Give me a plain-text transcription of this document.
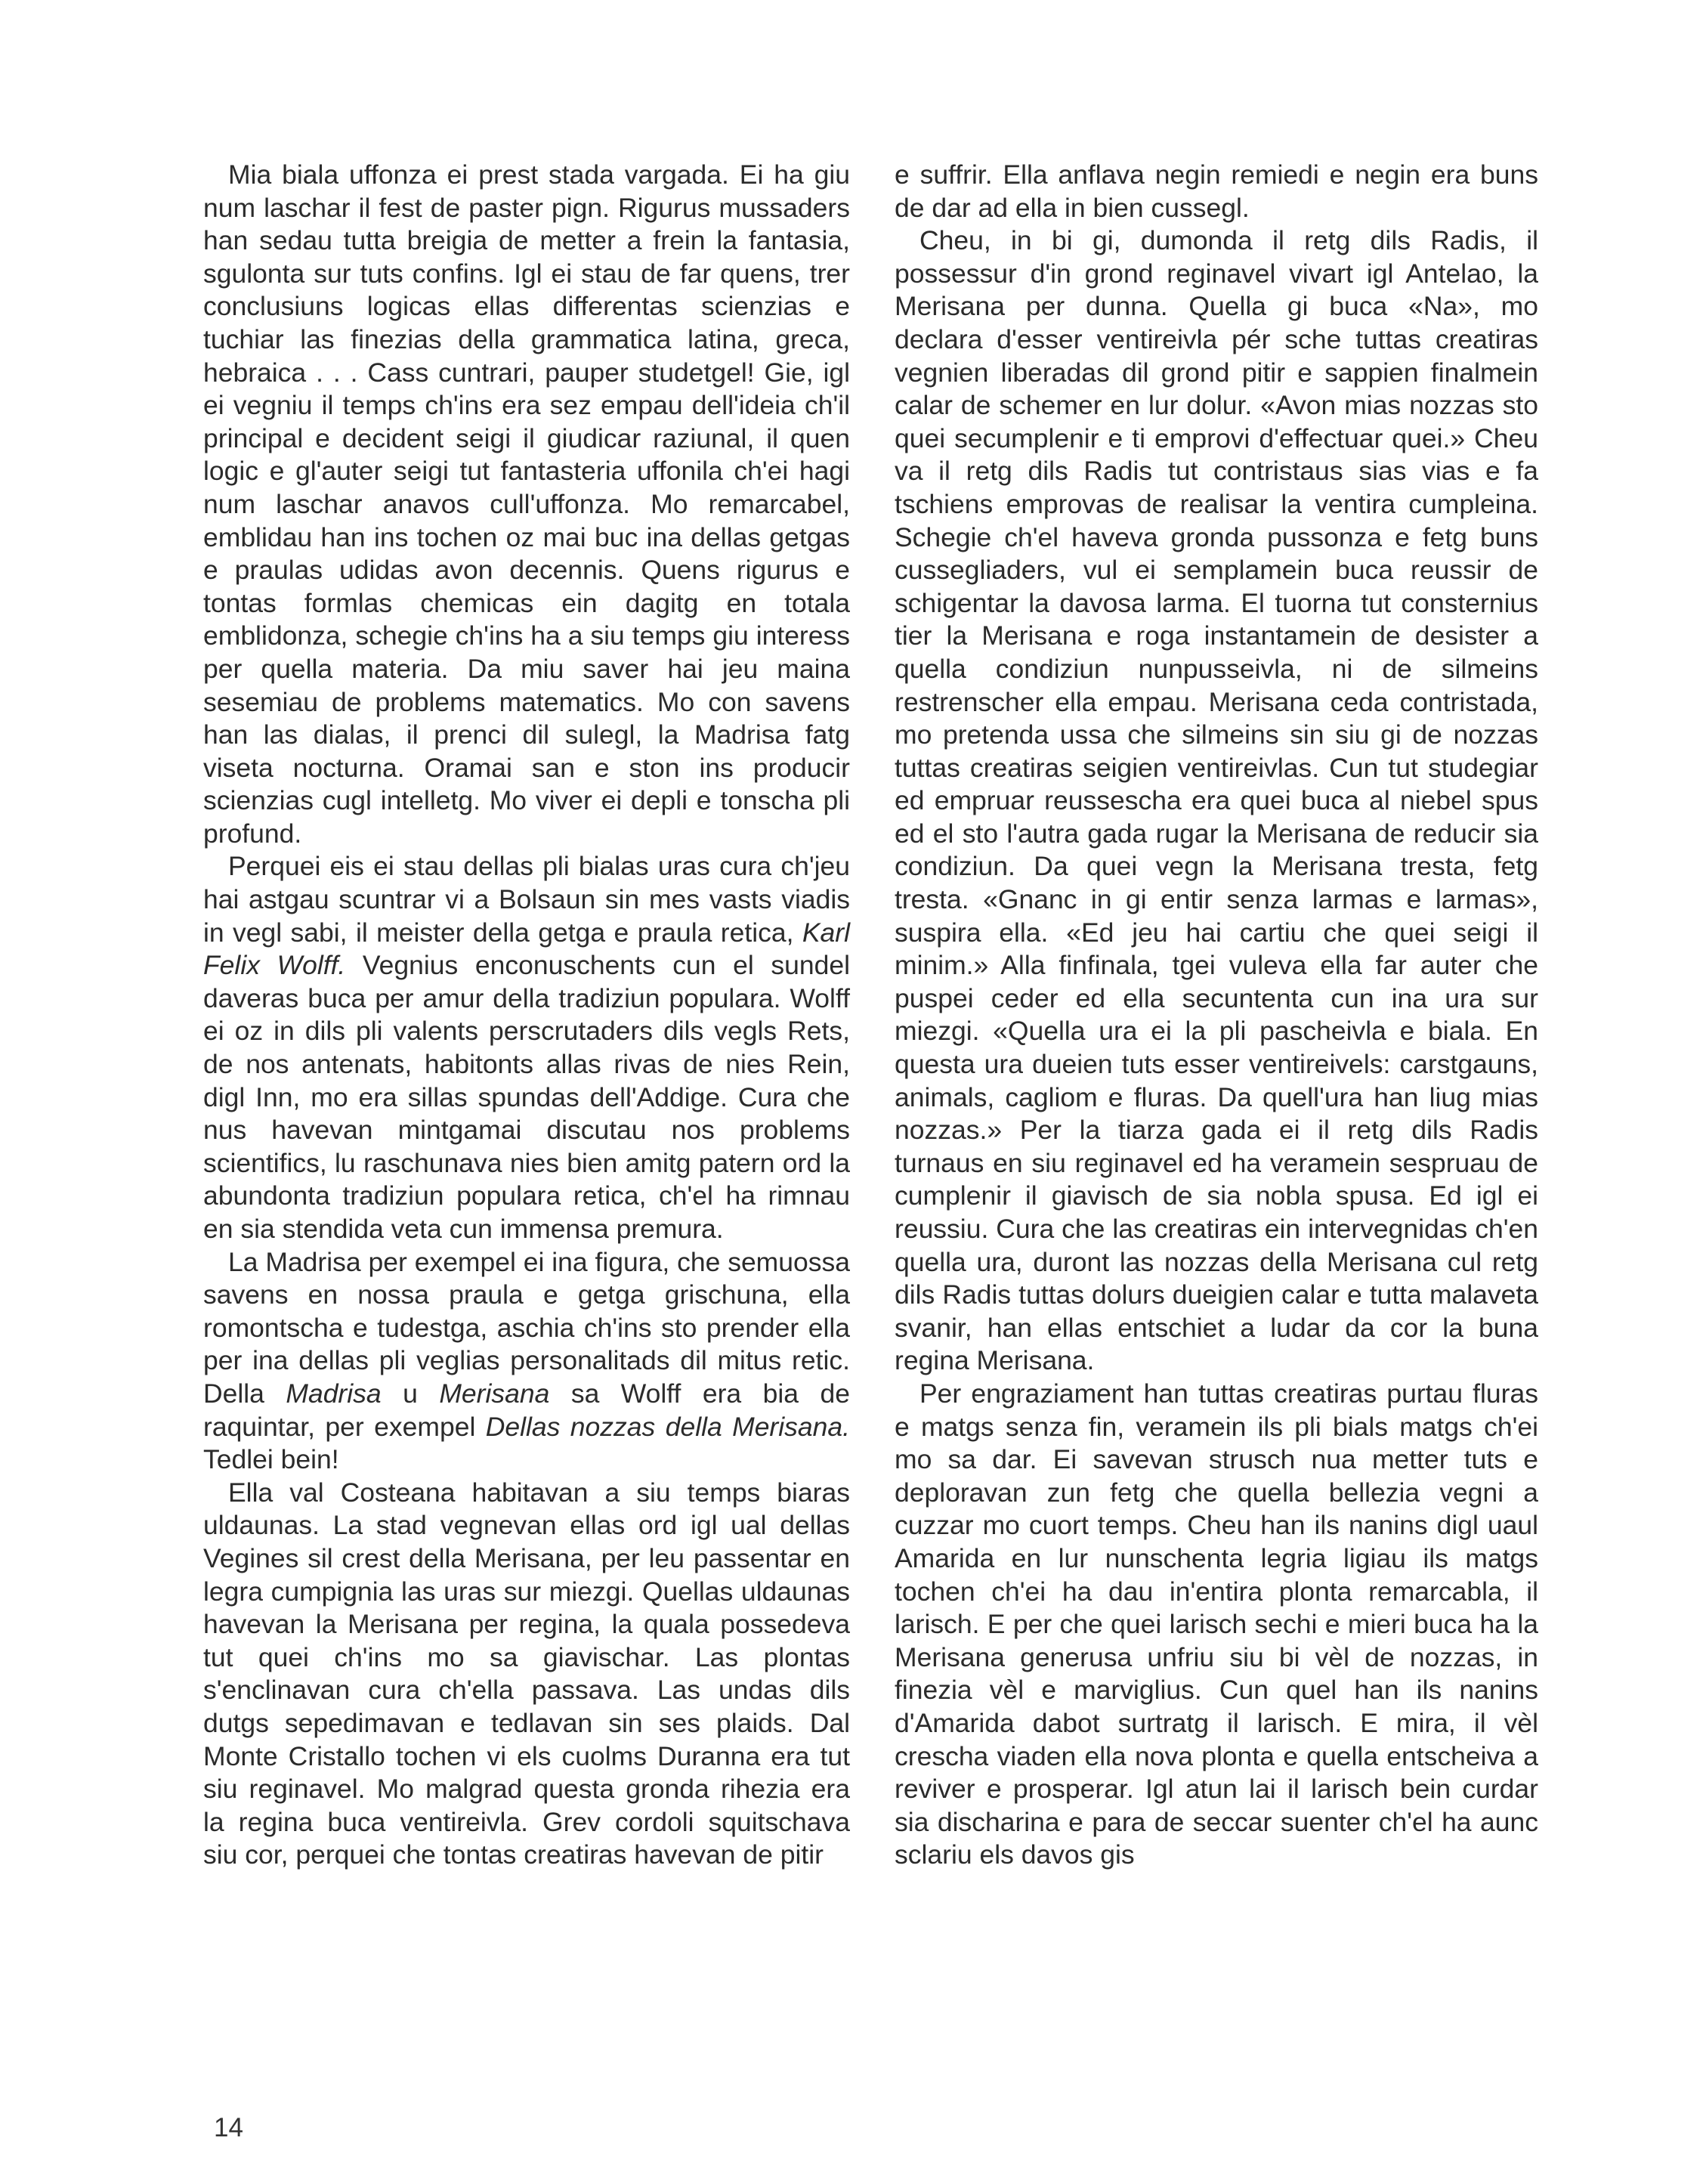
Mia biala uffonza ei prest stada vargada. Ei ha giu num laschar il fest de paster pign. Rigurus mussaders han sedau tutta breigia de metter a frein la fantasia, sgulonta sur tuts confins. Igl ei stau de far quens, trer conclusiuns logicas ellas differentas scienzias e tuchiar las finezias della grammatica latina, greca, hebraica . . . Cass cuntrari, pauper studetgel! Gie, igl ei vegniu il temps ch'ins era sez empau dell'ideia ch'il principal e decident seigi il giudicar raziunal, il quen logic e gl'auter seigi tut fantasteria uffonila ch'ei hagi num laschar anavos cull'uffonza. Mo remarcabel, emblidau han ins tochen oz mai buc ina dellas getgas e praulas udidas avon decennis. Quens rigurus e tontas formlas chemicas ein dagitg en totala emblidonza, schegie ch'ins ha a siu temps giu interess per quella materia. Da miu saver hai jeu maina sesemiau de problems matematics. Mo con savens han las dialas, il prenci dil sulegl, la Madrisa fatg viseta nocturna. Oramai san e ston ins producir scienzias cugl intelletg. Mo viver ei depli e tonscha pli profund.

Perquei eis ei stau dellas pli bialas uras cura ch'jeu hai astgau scuntrar vi a Bolsaun sin mes vasts viadis in vegl sabi, il meister della getga e praula retica, Karl Felix Wolff. Vegnius enconuschents cun el sundel daveras buca per amur della tradiziun populara. Wolff ei oz in dils pli valents perscrutaders dils vegls Rets, de nos antenats, habitonts allas rivas de nies Rein, digl Inn, mo era sillas spundas dell'Addige. Cura che nus havevan mintgamai discutau nos problems scientifics, lu raschunava nies bien amitg patern ord la abundonta tradiziun populara retica, ch'el ha rimnau en sia stendida veta cun immensa premura.

La Madrisa per exempel ei ina figura, che semuossa savens en nossa praula e getga grischuna, ella romontscha e tudestga, aschia ch'ins sto prender ella per ina dellas pli veglias personalitads dil mitus retic. Della Madrisa u Merisana sa Wolff era bia de raquintar, per exempel Dellas nozzas della Merisana. Tedlei bein!

Ella val Costeana habitavan a siu temps biaras uldaunas. La stad vegnevan ellas ord igl ual dellas Vegines sil crest della Merisana, per leu passentar en legra cumpignia las uras sur miezgi. Quellas uldaunas havevan la Merisana per regina, la quala possedeva tut quei ch'ins mo sa giavischar. Las plontas s'enclinavan cura ch'ella passava. Las undas dils dutgs sepedimavan e tedlavan sin ses plaids. Dal Monte Cristallo tochen vi els cuolms Duranna era tut siu reginavel. Mo malgrad questa gronda rihezia era la regina buca ventireivla. Grev cordoli squitschava siu cor, perquei che tontas creatiras havevan de pitir

e suffrir. Ella anflava negin remiedi e negin era buns de dar ad ella in bien cussegl.

Cheu, in bi gi, dumonda il retg dils Radis, il possessur d'in grond reginavel vivart igl Antelao, la Merisana per dunna. Quella gi buca «Na», mo declara d'esser ventireivla pér sche tuttas creatiras vegnien liberadas dil grond pitir e sappien finalmein calar de schemer en lur dolur. «Avon mias nozzas sto quei secumplenir e ti emprovi d'effectuar quei.» Cheu va il retg dils Radis tut contristaus sias vias e fa tschiens emprovas de realisar la ventira cumpleina. Schegie ch'el haveva gronda pussonza e fetg buns cussegliaders, vul ei semplamein buca reussir de schigentar la davosa larma. El tuorna tut consternius tier la Merisana e roga instantamein de desister a quella condiziun nunpusseivla, ni de silmeins restrenscher ella empau. Merisana ceda contristada, mo pretenda ussa che silmeins sin siu gi de nozzas tuttas creatiras seigien ventireivlas. Cun tut studegiar ed empruar reussescha era quei buca al niebel spus ed el sto l'autra gada rugar la Merisana de reducir sia condiziun. Da quei vegn la Merisana tresta, fetg tresta. «Gnanc in gi entir senza larmas e larmas», suspira ella. «Ed jeu hai cartiu che quei seigi il minim.» Alla finfinala, tgei vuleva ella far auter che puspei ceder ed ella secuntenta cun ina ura sur miezgi. «Quella ura ei la pli pascheivla e biala. En questa ura dueien tuts esser ventireivels: carstgauns, animals, cagliom e fluras. Da quell'ura han liug mias nozzas.» Per la tiarza gada ei il retg dils Radis turnaus en siu reginavel ed ha veramein sespruau de cumplenir il giavisch de sia nobla spusa. Ed igl ei reussiu. Cura che las creatiras ein intervegnidas ch'en quella ura, duront las nozzas della Merisana cul retg dils Radis tuttas dolurs dueigien calar e tutta malaveta svanir, han ellas entschiet a ludar da cor la buna regina Merisana.

Per engraziament han tuttas creatiras purtau fluras e matgs senza fin, veramein ils pli bials matgs ch'ei mo sa dar. Ei savevan strusch nua metter tuts e deploravan zun fetg che quella bellezia vegni a cuzzar mo cuort temps. Cheu han ils nanins digl uaul Amarida en lur nunschenta legria ligiau ils matgs tochen ch'ei ha dau in'entira plonta remarcabla, il larisch. E per che quei larisch sechi e mieri buca ha la Merisana generusa unfriu siu bi vèl de nozzas, in finezia vèl e marviglius. Cun quel han ils nanins d'Amarida dabot surtratg il larisch. E mira, il vèl crescha viaden ella nova plonta e quella entscheiva a reviver e prosperar. Igl atun lai il larisch bein curdar sia discharina e para de seccar suenter ch'el ha aunc sclariu els davos gis

14
